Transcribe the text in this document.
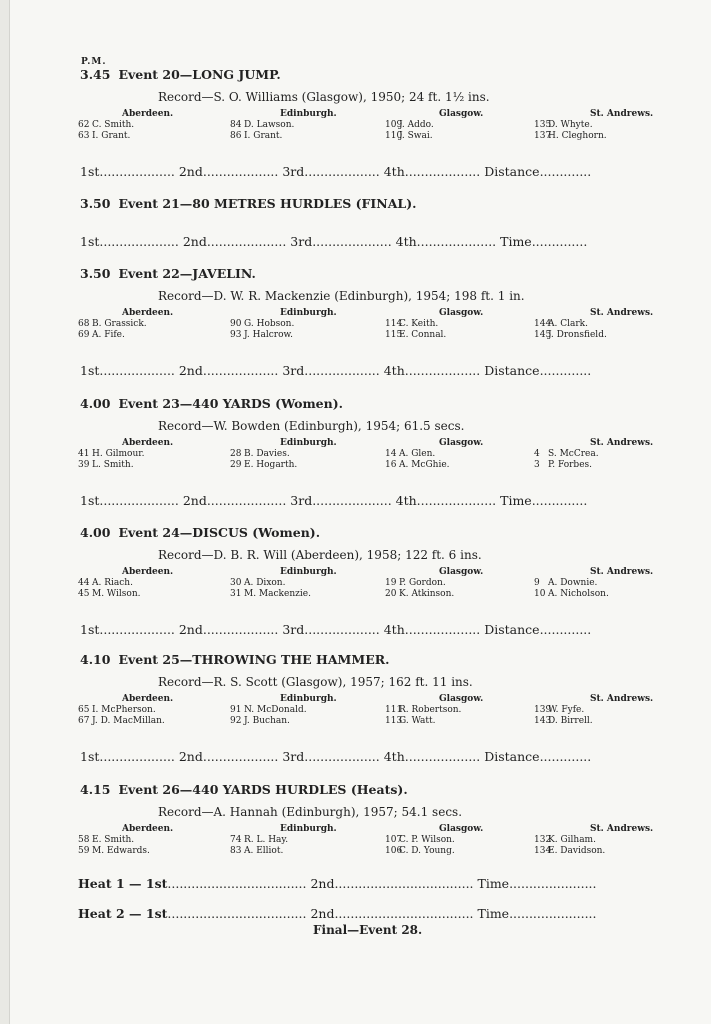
P.M.
3.45 Event 20—LONG JUMP.
Record—S. O. Williams (Glasgow), 1950; 24 ft. 1½ ins.
Aberdeen.
62 C. Smith.
63 I. Grant.
Edinburgh.
84 D. Lawson.
86 I. Grant.
Glasgow.
109J. Addo.
110J. Swai.
St. Andrews.
135D. Whyte.
137H. Cleghorn.
1st................... 2nd................... 3rd................... 4th................... Distance.............
3.50 Event 21—80 METRES HURDLES (FINAL).
1st.................... 2nd.................... 3rd.................... 4th.................... Time..............
3.50 Event 22—JAVELIN.
Record—D. W. R. Mackenzie (Edinburgh), 1954; 198 ft. 1 in.
Aberdeen.
68 B. Grassick.
69 A. Fife.
Edinburgh.
90 G. Hobson.
93 J. Halcrow.
Glasgow.
114C. Keith.
115E. Connal.
St. Andrews.
144A. Clark.
145J. Dronsfield.
1st................... 2nd................... 3rd................... 4th................... Distance.............
4.00 Event 23—440 YARDS (Women).
Record—W. Bowden (Edinburgh), 1954; 61.5 secs.
Aberdeen.
41 H. Gilmour.
39 L. Smith.
Edinburgh.
28 B. Davies.
29 E. Hogarth.
Glasgow.
14 A. Glen.
16 A. McGhie.
St. Andrews.
4 S. McCrea.
3 P. Forbes.
1st.................... 2nd.................... 3rd.................... 4th.................... Time..............
4.00 Event 24—DISCUS (Women).
Record—D. B. R. Will (Aberdeen), 1958; 122 ft. 6 ins.
Aberdeen.
44 A. Riach.
45 M. Wilson.
Edinburgh.
30 A. Dixon.
31 M. Mackenzie.
Glasgow.
19 P. Gordon.
20 K. Atkinson.
St. Andrews.
9 A. Downie.
10 A. Nicholson.
1st................... 2nd................... 3rd................... 4th................... Distance.............
4.10 Event 25—THROWING THE HAMMER.
Record—R. S. Scott (Glasgow), 1957; 162 ft. 11 ins.
Aberdeen.
65 I. McPherson.
67 J. D. MacMillan.
Edinburgh.
91 N. McDonald.
92 J. Buchan.
Glasgow.
111R. Robertson.
113G. Watt.
St. Andrews.
139W. Fyfe.
143D. Birrell.
1st................... 2nd................... 3rd................... 4th................... Distance.............
4.15 Event 26—440 YARDS HURDLES (Heats).
Record—A. Hannah (Edinburgh), 1957; 54.1 secs.
Aberdeen.
58 E. Smith.
59 M. Edwards.
Edinburgh.
74 R. L. Hay.
83 A. Elliot.
Glasgow.
107C. P. Wilson.
106C. D. Young.
St. Andrews.
132K. Gilham.
134E. Davidson.
Heat 1 — 1st................................... 2nd................................... Time......................
Heat 2 — 1st................................... 2nd................................... Time......................
Final—Event 28.
